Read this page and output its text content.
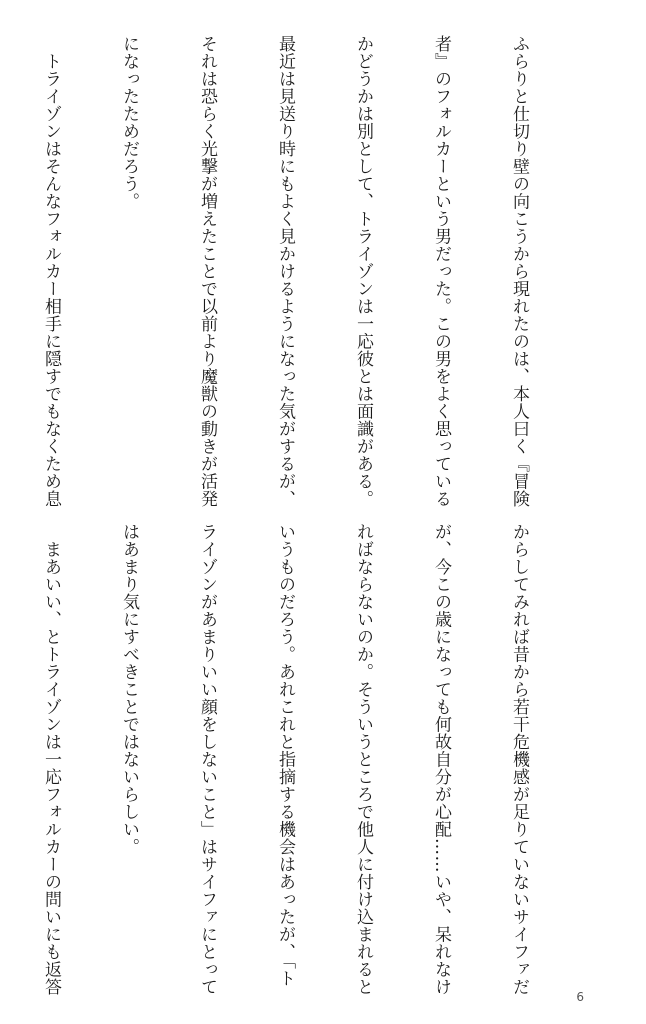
ふらりと仕切り壁の向こうから現れたのは、本人曰く『冒険

者』のフォルカーという男だった。この男をよく思っている

かどうかは別として、トライゾンは一応彼とは面識がある。

最近は見送り時にもよく見かけるようになった気がするが、

それは恐らく光撃が増えたことで以前より魔獣の動きが活発

になったためだろう。

　トライゾンはそんなフォルカー相手に隠すでもなくため息

からしてみれば昔から若干危機感が足りていないサイファだ

が、今この歳になっても何故自分が心配……いや、呆れなけ

ればならないのか。そういうところで他人に付け込まれると

いうものだろう。あれこれと指摘する機会はあったが、「ト

ライゾンがあまりいい顔をしないこと」はサイファにとって

はあまり気にすべきことではないらしい。

　まあいい、とトライゾンは一応フォルカーの問いにも返答

6
